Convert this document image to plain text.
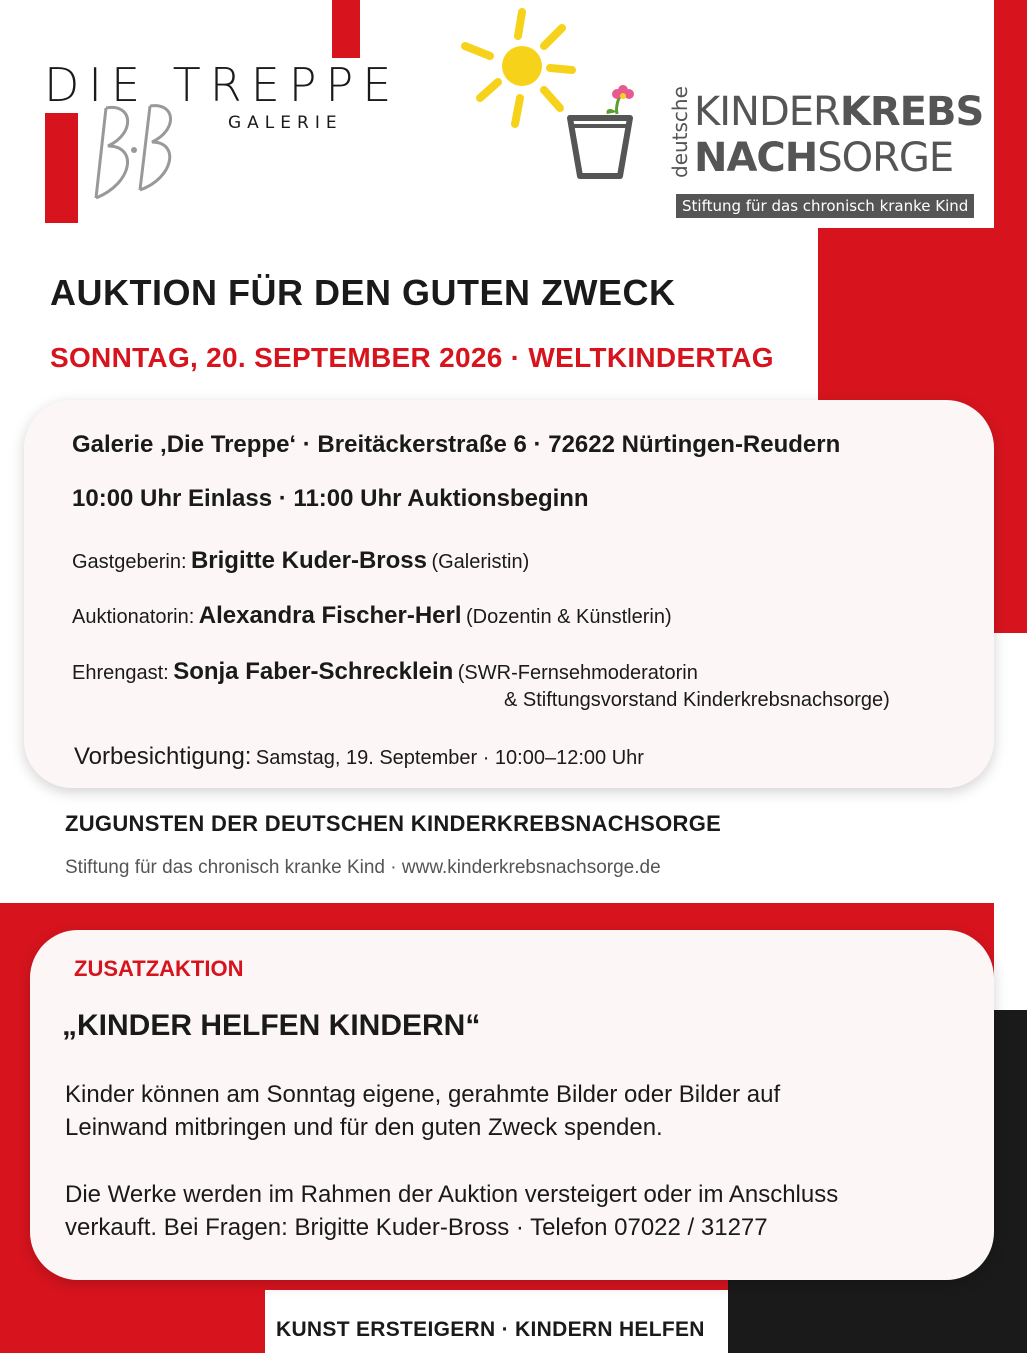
DIE TREPPE
GALERIE	deutsche KINDERKREBS
NACHSORGE
Stiftung für das chronisch kranke Kind
AUKTION FÜR DEN GUTEN ZWECK
SONNTAG, 20. SEPTEMBER 2026 · WELTKINDERTAG
Galerie ‚Die Treppe‘ · Breitäckerstraße 6 · 72622 Nürtingen-Reudern
10:00 Uhr Einlass · 11:00 Uhr Auktionsbeginn
Gastgeberin: Brigitte Kuder-Bross (Galeristin)
Auktionatorin: Alexandra Fischer-Herl (Dozentin & Künstlerin)
Ehrengast: Sonja Faber-Schrecklein (SWR-Fernsehmoderatorin
& Stiftungsvorstand Kinderkrebsnachsorge)
Vorbesichtigung: Samstag, 19. September · 10:00–12:00 Uhr
ZUGUNSTEN DER DEUTSCHEN KINDERKREBSNACHSORGE
Stiftung für das chronisch kranke Kind · www.kinderkrebsnachsorge.de
ZUSATZAKTION
„KINDER HELFEN KINDERN“
Kinder können am Sonntag eigene, gerahmte Bilder oder Bilder auf
Leinwand mitbringen und für den guten Zweck spenden.
Die Werke werden im Rahmen der Auktion versteigert oder im Anschluss
verkauft. Bei Fragen: Brigitte Kuder-Bross · Telefon 07022 / 31277
KUNST ERSTEIGERN · KINDERN HELFEN
